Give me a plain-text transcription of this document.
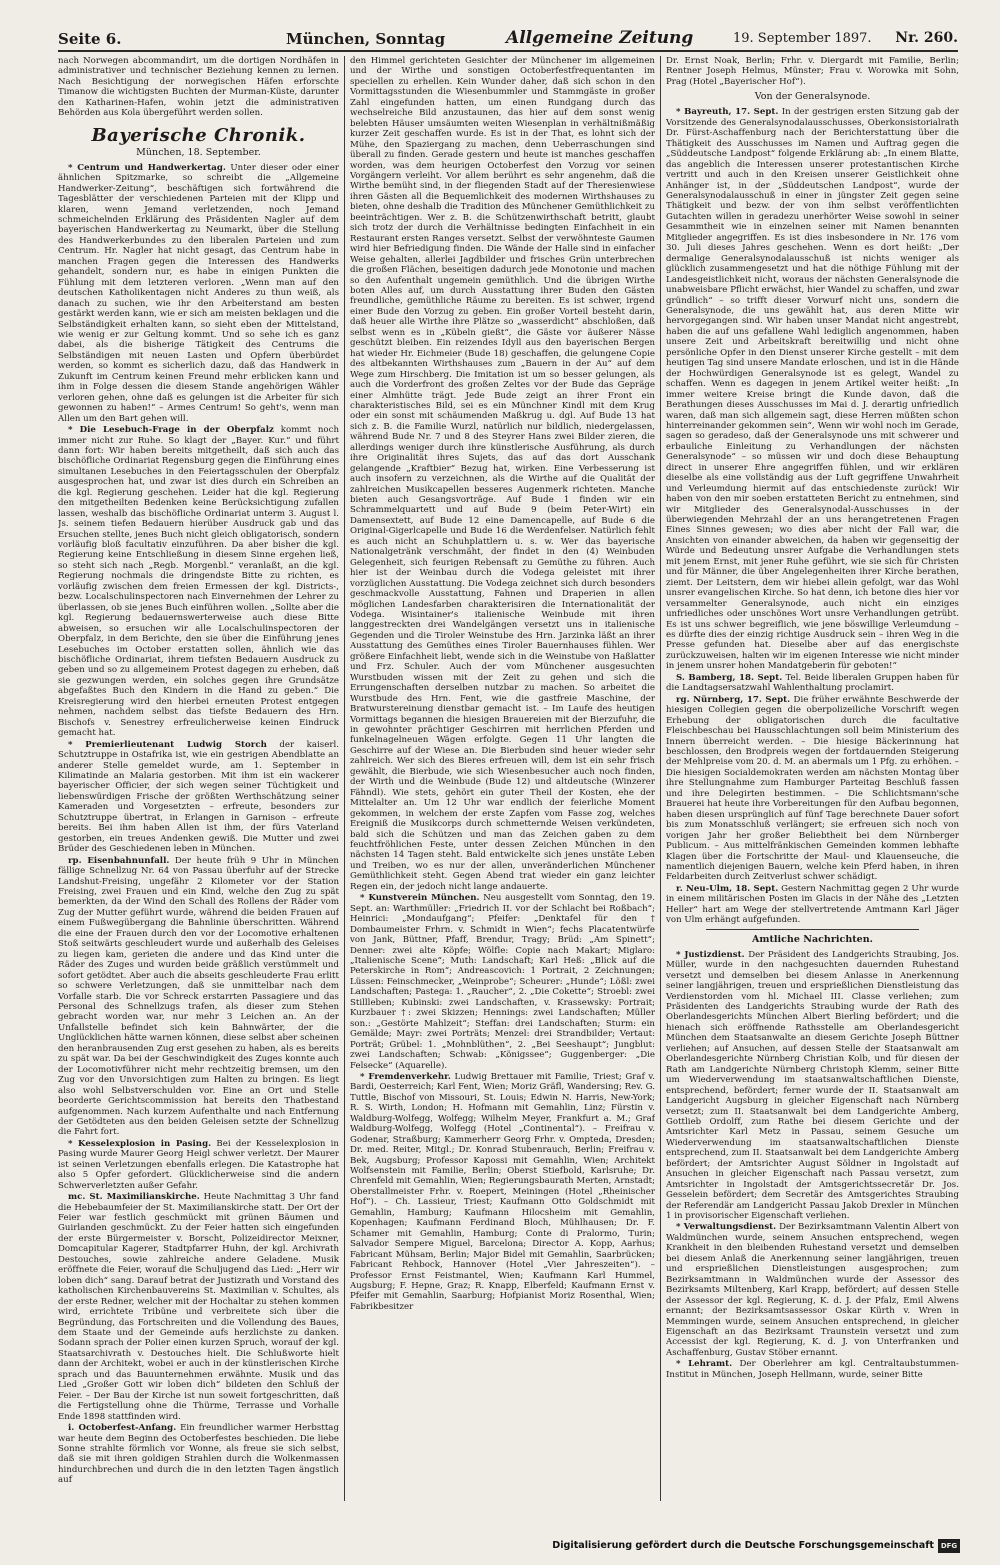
Seite 6.	München, Sonntag	Allgemeine Zeitung	19. September 1897. Nr. 260.

nach Norwegen abcommandirt, um die dortigen Nordhäfen in administrativer und technischer Beziehung kennen zu lernen. Nach Besichtigung der norwegischen Häfen erforschte Timanow die wichtigsten Buchten der Murman-Küste, darunter den Katharinen-Hafen, wohin jetzt die administrativen Behörden aus Kola übergeführt werden sollen.

Bayerische Chronik.
München, 18. September.

* Centrum und Handwerkertag. Unter dieser oder einer ähnlichen Spitzmarke, so schreibt die „Allgemeine Handwerker-Zeitung“, beschäftigen sich fortwährend die Tagesblätter der verschiedenen Parteien mit der Klipp und klaren, wenn Jemand verletzenden, noch Jemand schmeichelnden Erklärung des Präsidenten Nagler auf dem bayerischen Handwerkertag zu Neumarkt, über die Stellung des Handwerkerbundes zu den liberalen Parteien und zum Centrum. Hr. Nagler hat nicht gesagt, das Centrum habe in manchen Fragen gegen die Interessen des Handwerks gehandelt, sondern nur, es habe in einigen Punkten die Fühlung mit dem letzteren verloren. „Wenn man auf den deutschen Katholikentagen nicht Anderes zu thun weiß, als danach zu suchen, wie ihr den Arbeiterstand am besten gestärkt werden kann, wie er sich am meisten beklagen und die Selbständigkeit erhalten kann, so sieht eben der Mittelstand, wie wenig er zur Geltung kommt. Und so sehe ich es ganz dabei, als die bisherige Tätigkeit des Centrums die Selbständigen mit neuen Lasten und Opfern überbürdet werden, so kommt es sicherlich dazu, daß das Handwerk in Zukunft im Centrum keinen Freund mehr erblicken kann und ihm in Folge dessen die diesem Stande angehörigen Wähler verloren gehen, ohne daß es gelungen ist die Arbeiter für sich gewonnen zu haben!“ – Armes Centrum! So geht's, wenn man Allen um den Bart gehen will.

* Die Lesebuch-Frage in der Oberpfalz kommt noch immer nicht zur Ruhe. So klagt der „Bayer. Kur.“ und führt dann fort: Wir haben bereits mitgetheilt, daß sich auch das bischöfliche Ordinariat Regensburg gegen die Einführung eines simultanen Lesebuches in den Feiertagsschulen der Oberpfalz ausgesprochen hat, und zwar ist dies durch ein Schreiben an die kgl. Regierung geschehen. Leider hat die kgl. Regierung den mitgetheilten Bedenken keine Berücksichtigung zufallen lassen, weshalb das bischöfliche Ordinariat unterm 3. August l. Js. seinem tiefen Bedauern hierüber Ausdruck gab und das Ersuchen stellte, jenes Buch nicht gleich obligatorisch, sondern vorläufig bloß facultativ einzuführen. Da aber bisher die kgl. Regierung keine Entschließung in diesem Sinne ergehen ließ, so steht sich nach „Regb. Morgenbl.“ veranlaßt, an die kgl. Regierung nochmals die dringendste Bitte zu richten, es vorläufig zwischen dem freien Ermessen der kgl. Districts-, bezw. Localschulinspectoren nach Einvernehmen der Lehrer zu überlassen, ob sie jenes Buch einführen wollen. „Sollte aber die kgl. Regierung bedauernswerterweise auch diese Bitte abweisen, so ersuchen wir alle Localschulinspectoren der Oberpfalz, in dem Berichte, den sie über die Einführung jenes Lesebuches im October erstatten sollen, ähnlich wie das bischöfliche Ordinariat, ihrem tiefsten Bedauern Ausdruck zu geben und so zu allgemeinem Protest dagegen zu erheben, daß sie gezwungen werden, ein solches gegen ihre Grundsätze abgefaßtes Buch den Kindern in die Hand zu geben.“ Die Kreisregierung wird den hierbei erneuten Protest entgegen nehmen, nachdem selbst das tiefste Bedauern des Hrn. Bischofs v. Senestrey erfreulicherweise keinen Eindruck gemacht hat.

* Premierlieutenant Ludwig Storch der kaiserl. Schutztruppe in Ostafrika ist, wie ein gestrigen Abendblatte an anderer Stelle gemeldet wurde, am 1. September in Kilimatinde an Malaria gestorben. Mit ihm ist ein wackerer bayerischer Officier, der sich wegen seiner Tüchtigkeit und liebenswürdigen Frische der größten Werthschätzung seiner Kameraden und Vorgesetzten – erfreute, besonders zur Schutztruppe übertrat, in Erlangen in Garnison – erfreute bereits. Bei ihm haben Allen ist ihm, der fürs Vaterland gestorben, ein treues Andenken gewiß. Die Mutter und zwei Brüder des Geschiedenen leben in München.

rp. Eisenbahnunfall. Der heute früh 9 Uhr in München fällige Schnellzug Nr. 64 von Passau überfuhr auf der Strecke Landshut-Freising, ungefähr 2 Kilometer vor der Station Freising, zwei Frauen und ein Kind, welche den Zug zu spät bemerkten, da der Wind den Schall des Rollens der Räder vom Zug der Mutter geführt wurde, während die beiden Frauen auf einem Fußwegübergang die Bahnlinie überschritten. Während die eine der Frauen durch den vor der Locomotive erhaltenen Stoß seitwärts geschleudert wurde und außerhalb des Geleises zu liegen kam, gerieten die andere und das Kind unter die Räder des Zuges und wurden beide gräßlich verstümmelt und sofort getödtet. Aber auch die abseits geschleuderte Frau erlitt so schwere Verletzungen, daß sie unmittelbar nach dem Vorfalle starb. Die vor Schreck erstarrten Passagiere und das Personal des Schnellzugs trafen, als dieser zum Stehen gebracht worden war, nur mehr 3 Leichen an. An der Unfallstelle befindet sich kein Bahnwärter, der die Unglücklichen hätte warnen können, diese selbst aber scheinen den heranbrausenden Zug erst gesehen zu haben, als es bereits zu spät war. Da bei der Geschwindigkeit des Zuges konnte auch der Locomotivführer nicht mehr rechtzeitig bremsen, um den Zug vor den Unvorsichtigen zum Halten zu bringen. Es liegt also wohl Selbstverschulden vor. Eine an Ort und Stelle beorderte Gerichtscommission hat bereits den Thatbestand aufgenommen. Nach kurzem Aufenthalte und nach Entfernung der Getödteten aus den beiden Geleisen setzte der Schnellzug die Fahrt fort.

* Kesselexplosion in Pasing. Bei der Kesselexplosion in Pasing wurde Maurer Georg Heigl schwer verletzt. Der Maurer ist seinen Verletzungen ebenfalls erlegen. Die Katastrophe hat also 5 Opfer gefordert. Glücklicherweise sind die andern Schwerverletzten außer Gefahr.

mc. St. Maximilianskirche. Heute Nachmittag 3 Uhr fand die Hebebaumfeier der St. Maximilianskirche statt. Der Ort der Feier war festlich geschmückt mit grünen Bäumen und Guirlanden geschmückt. Zu der Feier hatten sich eingefunden der erste Bürgermeister v. Borscht, Polizeidirector Meixner, Domcapitular Kagerer, Stadtpfarrer Huhn, der kgl. Archivrath Destouches, sowie zahlreiche andere Geladene. Musik eröffnete die Feier, worauf die Schuljugend das Lied: „Herr wir loben dich“ sang. Darauf betrat der Justizrath und Vorstand des katholischen Kirchenbauvereins St. Maximilian v. Schultes, als der erste Redner, welcher mit der Hochaltar zu stehen kommen wird, errichtete Tribüne und verbreitete sich über die Begründung, das Fortschreiten und die Vollendung des Baues, dem Staate und der Gemeinde aufs herzlichste zu danken. Sodann sprach der Polier einen kurzen Spruch, worauf der kgl. Staatsarchivrath v. Destouches hielt. Die Schlußworte hielt dann der Architekt, wobei er auch in der künstlerischen Kirche sprach und das Bauunternehmen erwähnte. Musik und das Lied „Großer Gott wir loben dich“ bildeten den Schluß der Feier. – Der Bau der Kirche ist nun soweit fortgeschritten, daß die Fertigstellung ohne die Thürme, Terrasse und Vorhalle Ende 1898 stattfinden wird.

i. Octoberfest-Anfang. Ein freundlicher warmer Herbsttag war heute dem Beginn des Octoberfestes beschieden. Die liebe Sonne strahlte förmlich vor Wonne, als freue sie sich selbst, daß sie mit ihren goldigen Strahlen durch die Wolkenmassen hindurchbrechen und durch die in den letzten Tagen ängstlich auf

den Himmel gerichteten Gesichter der Münchener im allgemeinen und der Wirthe und sonstigen Octoberfestfrequentanten im speciellen zu erhellen. Kein Wunder daher, daß sich schon in den Vormittagsstunden die Wiesenbummler und Stammgäste in großer Zahl eingefunden hatten, um einen Rundgang durch das wechselreiche Bild anzustaunen, das hier auf dem sonst wenig belebten Häuser umsäumten weiten Wiesenplan in verhältnißmäßig kurzer Zeit geschaffen wurde. Es ist in der That, es lohnt sich der Mühe, den Spaziergang zu machen, denn Ueberraschungen sind überall zu finden. Gerade gestern und heute ist manches geschaffen worden, was dem heurigen Octoberfest den Vorzug vor seinen Vorgängern verleiht. Vor allem berührt es sehr angenehm, daß die Wirthe bemüht sind, in der fliegenden Stadt auf der Theresienwiese ihren Gästen all die Bequemlichkeit des modernen Wirthshauses zu bieten, ohne deshalb die Tradition des Münchener Gemüthlichkeit zu beeinträchtigen. Wer z. B. die Schützenwirthschaft betritt, glaubt sich trotz der durch die Verhältnisse bedingten Einfachheit in ein Restaurant ersten Ranges versetzt. Selbst der verwöhnteste Gaumen wird hier Befriedigung finden. Die Wände der Halle sind in einfacher Weise gehalten, allerlei Jagdbilder und frisches Grün unterbrechen die großen Flächen, beseitigen dadurch jede Monotonie und machen so den Aufenthalt ungemein gemüthlich. Und die übrigen Wirthe boten Alles auf, um durch Ausstattung ihrer Buden den Gästen freundliche, gemüthliche Räume zu bereiten. Es ist schwer, irgend einer Bude den Vorzug zu geben. Ein großer Vorteil besteht darin, daß heuer alle Wirthe ihre Plätze so „wasserdicht“ abschloßen, daß selbst wenn es in „Kübeln gießt“, die Gäste vor äußerer Nässe geschützt bleiben. Ein reizendes Idyll aus den bayerischen Bergen hat wieder Hr. Eichmeier (Bude 18) geschaffen, die gelungene Copie des altbekannten Wirthshauses zum „Bauern in der Au“ auf dem Wege zum Hirschberg. Die Imitation ist um so besser gelungen, als auch die Vorderfront des großen Zeltes vor der Bude das Gepräge einer Almhütte trägt. Jede Bude zeigt an ihrer Front ein charakteristisches Bild, sei es ein Münchner Kindl mit dem Krug oder ein sonst mit schäumenden Maßkrug u. dgl. Auf Bude 13 hat sich z. B. die Familie Wurzl, natürlich nur bildlich, niedergelassen, während Bude Nr. 7 und 8 des Steyrer Hans zwei Bilder zieren, die allerdings weniger durch ihre künstlerische Ausführung, als durch ihre Originalität ihres Sujets, das auf das dort Ausschank gelangende „Kraftbier“ Bezug hat, wirken. Eine Verbesserung ist auch insofern zu verzeichnen, als die Wirthe auf die Qualität der zahlreichen Musikcapellen besseres Augenmerk richteten. Manche bieten auch Gesangsvorträge. Auf Bude 1 finden wir ein Schrammelquartett und auf Bude 9 (beim Peter-Wirt) ein Damensextett, auf Bude 12 eine Damencapelle, auf Bude 6 die Original-Gigerlcapelle und Bude 16 die Werdenfelser. Natürlich fehlt es auch nicht an Schuhplattlern u. s. w. Wer das bayerische Nationalgetränk verschmäht, der findet in den (4) Weinbuden Gelegenheit, sich feurigen Rebensaft zu Gemüthe zu führen. Auch hier ist der Weinbau durch die Vodega geleistet mit ihrer vorzüglichen Ausstattung. Die Vodega zeichnet sich durch besonders geschmackvolle Ausstattung, Fahnen und Draperien in allen möglichen Landesfarben charakterisiren die Internationalität der Vodega. Wisintainer's italienische Weinbude mit ihren langgestreckten drei Wandelgängen versetzt uns in italienische Gegenden und die Tiroler Weinstube des Hrn. Jarzinka läßt an ihrer Ausstattung des Gemüthes eines Tiroler Bauernhauses fühlen. Wer größere Einfachheit liebt, wende sich in die Weinstube von Haßlatter und Frz. Schuler. Auch der vom Münchener ausgesuchten Wurstbuden wissen mit der Zeit zu gehen und sich die Errungenschaften derselben nutzbar zu machen. So arbeitet die Wurstbude des Hrn. Fent, wie die gastfreie Maschine, der Bratwurstereinung dienstbar gemacht ist. – Im Laufe des heutigen Vormittags begannen die hiesigen Brauereien mit der Bierzufuhr, die in gewohnter prächtiger Geschirren mit herrlichen Pferden und funkelnagelneuen Wägen erfolgte. Gegen 11 Uhr langten die Geschirre auf der Wiese an. Die Bierbuden sind heuer wieder sehr zahlreich. Wer sich des Bieres erfreuen will, dem ist ein sehr frisch gewählt, die Bierbude, wie sich Wiesenbesucher auch noch finden, der Wirth und die Weinbude (Bude 12) und altdeutsche (Winzerer Fähndl). Wie stets, gehört ein guter Theil der Kosten, ehe der Mittelalter an. Um 12 Uhr war endlich der feierliche Moment gekommen, in welchem der erste Zapfen vom Fasse zog, welches Ereigniß die Musikcorps durch schmetternde Weisen verkündeten, bald sich die Schützen und man das Zeichen gaben zu dem feuchtfröhlichen Feste, unter dessen Zeichen München in den nächsten 14 Tagen steht. Bald entwickelte sich jenes unstäte Leben und Treiben, wo es nur der allen, unveränderlichen Münchener Gemüthlichkeit steht. Gegen Abend trat wieder ein ganz leichter Regen ein, der jedoch nicht lange andauerte.

* Kunstverein München. Neu ausgestellt vom Sonntag, den 19. Sept. an: Warthmüller: „Friedrich II. vor der Schlacht bei Roßbach“; Heinrici: „Mondaufgang“; Pfeifer: „Denktafel für den † Dombaumeister Frhrn. v. Schmidt in Wien“; fechs Placatentwürfe von Jank, Büttner, Pfaff, Brendur, Tragy; Brüd: „Am Spinett“; Denner: zwei alte Köpfe; Wölfle: Copie nach Makart; Miglaro: „Italienische Scene“; Muth: Landschaft; Karl Heß: „Blick auf die Peterskirche in Rom“; Andreascovich: 1 Portrait, 2 Zeichnungen; Lüssen: Feinschmecker, „Weinprobe“; Scheurer: „Hunde“; Lößl: zwei Landschaften; Pastega: 1. „Raucher“, 2. „Die Cokette“; Stroebl: zwei Stillleben; Kubinski: zwei Landschaften, v. Krassewsky: Portrait; Kurzbauer †: zwei Skizzen; Hennings: zwei Landschaften; Müller son.: „Gestörte Mahlzeit“; Steffan: drei Landschaften; Sturm: ein Gemälde; Mayr: zwei Porträts; Menzel: drei Strandbilder; Vertaut: Porträt; Grübel: 1. „Mohnblüthen“, 2. „Bei Seeshaupt“; Jungblut: zwei Landschaften; Schwab: „Königssee“; Guggenberger: „Die Felsecke“ (Aquarelle).

* Fremdenverkehr. Ludwig Brettauer mit Familie, Triest; Graf v. Bardi, Oesterreich; Karl Fent, Wien; Moriz Gräfl, Wandersing; Rev. G. Tuttle, Bischof von Missouri, St. Louis; Edwin N. Harris, New-York; R. S. Wirth, London; H. Hofmann mit Gemahlin, Linz; Fürstin v. Waldburg-Wolfegg, Wolfegg; Wilhelm Meyer, Frankfurt a. M.; Graf Waldburg-Wolfegg, Wolfegg (Hotel „Continental“). – Freifrau v. Godenar, Straßburg; Kammerherr Georg Frhr. v. Ompteda, Dresden; Dr. med. Reiter, Mitgl.; Dr. Konrad Stubenrauch, Berlin; Freifrau v. Bek, Augsburg; Professor Kapossi mit Gemahlin, Wien; Architekt Wolfsenstein mit Familie, Berlin; Oberst Stiefbold, Karlsruhe; Dr. Chrenfeld mit Gemahlin, Wien; Regierungsbaurath Merten, Arnstadt; Oberstallmeister Frhr. v. Roepert, Meiningen (Hotel „Rheinischer Hof“). – Ch. Lassieur, Triest; Kaufmann Otto Goldschmidt mit Gemahlin, Hamburg; Kaufmann Hilocsheim mit Gemahlin, Kopenhagen; Kaufmann Ferdinand Bloch, Mühlhausen; Dr. F. Schamer mit Gemahlin, Hamburg; Conte di Pralormo, Turin; Salvador Sempere Miguel, Barcelona; Director A. Kopp, Aarhus; Fabricant Mühsam, Berlin; Major Bidel mit Gemahlin, Saarbrücken; Fabricant Rehbock, Hannover (Hotel „Vier Jahreszeiten“). – Professor Ernst Feistmantel, Wien; Kaufmann Karl Hummel, Augsburg; F. Hepne, Graz; R. Knapp, Elberfeld; Kaufmann Ernst v. Pfeifer mit Gemahlin, Saarburg; Hofpianist Moriz Rosenthal, Wien; Fabrikbesitzer

Dr. Ernst Noak, Berlin; Frhr. v. Diergardt mit Familie, Berlin; Rentner Joseph Helmus, Münster; Frau v. Worowka mit Sohn, Prag (Hotel „Bayerischer Hof“).

Von der Generalsynode.

* Bayreuth, 17. Sept. In der gestrigen ersten Sitzung gab der Vorsitzende des Generalsynodalausschusses, Oberkonsistorialrath Dr. Fürst-Aschaffenburg nach der Berichterstattung über die Thätigkeit des Ausschusses im Namen und Auftrag gegen die „Süddeutsche Landpost“ folgende Erklärung ab: „In einem Blatte, das angeblich die Interessen unserer protestantischen Kirche vertritt und auch in den Kreisen unserer Geistlichkeit ohne Anhänger ist, in der „Süddeutschen Landpost“, wurde der Generalsynodalausschuß in einer in jüngster Zeit gegen seine Thätigkeit und bezw. der von ihm selbst veröffentlichten Gutachten willen in geradezu unerhörter Weise sowohl in seiner Gesammtheit wie in einzelnen seiner mit Namen benannten Mitglieder angegriffen. Es ist dies insbesondere in Nr. 176 vom 30. Juli dieses Jahres geschehen. Wenn es dort heißt: „Der dermalige Generalsynodalausschuß ist nichts weniger als glücklich zusammengesetzt und hat die nöthige Fühlung mit der Landesgeistlichkeit nicht, woraus der nächsten Generalsynode die unabweisbare Pflicht erwächst, hier Wandel zu schaffen, und zwar gründlich“ – so trifft dieser Vorwurf nicht uns, sondern die Generalsynode, die uns gewählt hat, aus deren Mitte wir hervorgegangen sind. Wir haben unser Mandat nicht angestrebt, haben die auf uns gefallene Wahl lediglich angenommen, haben unsere Zeit und Arbeitskraft bereitwillig und nicht ohne persönliche Opfer in den Dienst unserer Kirche gestellt – mit dem heutigen Tag sind unsere Mandate erloschen, und ist in die Hände der Hochwürdigen Generalsynode ist es gelegt, Wandel zu schaffen. Wenn es dagegen in jenem Artikel weiter heißt: „In immer weitere Kreise bringt die Kunde davon, daß die Berathungen dieses Ausschusses im Mai d. J. derartig unfriedlich waren, daß man sich allgemein sagt, diese Herren müßten schon hinterreinander gekommen sein“, Wenn wir wohl noch im Gerade, sagen so geradeso, daß der Generalsynode uns mit schwerer und erbauliche Einleitung zu Verhandlungen der nächsten Generalsynode“ – so müssen wir und doch diese Behauptung direct in unserer Ehre angegriffen fühlen, und wir erklären dieselbe als eine vollständig aus der Luft gegriffene Unwahrheit und Verleumdung hiermit auf das entschiedenste zurück! Wir haben von den mir soeben erstatteten Bericht zu entnehmen, sind wir Mitglieder des Generalsynodal-Ausschusses in der überwiegenden Mehrzahl der an uns herangetretenen Fragen Eines Sinnes gewesen; wo dies aber nicht der Fall war, die Ansichten von einander abweichen, da haben wir gegenseitig der Würde und Bedeutung unsrer Aufgabe die Verhandlungen stets mit jenem Ernst, mit jener Ruhe geführt, wie sie sich für Christen und für Männer, die über Angelegenheiten ihrer Kirche berathen, ziemt. Der Leitstern, dem wir hiebei allein gefolgt, war das Wohl unsrer evangelischen Kirche. So hat denn, ich betone dies hier vor versammelter Generalsynode, auch nicht ein einziges unfriedliches oder unschönes Wort unsre Verhandlungen getrübt. Es ist uns schwer begreiflich, wie jene böswillige Verleumdung – es dürfte dies der einzig richtige Ausdruck sein – ihren Weg in die Presse gefunden hat. Dieselbe aber auf das energischste zurückzuweisen, halten wir im eigenen Interesse wie nicht minder in jenem unsrer hohen Mandatgeberin für geboten!“

S. Bamberg, 18. Sept. Tel. Beide liberalen Gruppen haben für die Landtagsersatzwahl Wahlenthaltung proclamirt.

rg. Nürnberg, 17. Sept. Die früher erwähnte Beschwerde der hiesigen Collegien gegen die oberpolizeiliche Vorschrift wegen Erhebung der obligatorischen durch die facultative Fleischbeschau bei Hausschlachtungen soll beim Ministerium des Innern überreicht werden. – Die hiesige Bäckerinnung hat beschlossen, den Brodpreis wegen der fortdauernden Steigerung der Mehlpreise vom 20. d. M. an abermals um 1 Pfg. zu erhöhen. – Die hiesigen Socialdemokraten werden am nächsten Montag über ihre Stellungnahme zum Hamburger Parteitag Beschluß fassen und ihre Delegirten bestimmen. – Die Schlichtsmann'sche Brauerei hat heute ihre Vorbereitungen für den Aufbau begonnen, haben diesen ursprünglich auf fünf Tage berechnete Dauer sofort bis zum Monatsschluß verlängert; sie erfreuen sich noch von vorigen Jahr her großer Beliebtheit bei dem Nürnberger Publicum. – Aus mittelfränkischen Gemeinden kommen lebhafte Klagen über die Fortschritte der Maul- und Klauenseuche, die namentlich diejenigen Bauern, welche kein Pferd haben, in ihren Feldarbeiten durch Zeitverlust schwer schädigt.

r. Neu-Ulm, 18. Sept. Gestern Nachmittag gegen 2 Uhr wurde in einem militärischen Posten im Glacis in der Nähe des „Letzten Heller“ hart am Wege der stellvertretende Amtmann Karl Jäger von Ulm erhängt aufgefunden.

Amtliche Nachrichten.

* Justizdienst. Der Präsident des Landgerichts Straubing, Jos. Müller, wurde in den nachgesuchten dauernden Ruhestand versetzt und demselben bei diesem Anlasse in Anerkennung seiner langjährigen, treuen und ersprießlichen Dienstleistung das Verdienstorden vom hl. Michael III. Classe verliehen; zum Präsidenten des Landgerichts Straubing wurde der Rath des Oberlandesgerichts München Albert Bierling befördert; und die hienach sich eröffnende Rathsstelle am Oberlandesgericht München dem Staatsanwalte an diesem Gerichte Joseph Büttner verliehen; auf Ansuchen, auf dessen Stelle der Staatsanwalt am Oberlandesgerichte Nürnberg Christian Kolb, und für diesen der Rath am Landgerichte Nürnberg Christoph Klemm, seiner Bitte um Wiederverwendung im staatsanwaltschaftlichen Dienste, entsprechend, befördert; ferner wurde der II. Staatsanwalt am Landgericht Augsburg in gleicher Eigenschaft nach Nürnberg versetzt; zum II. Staatsanwalt bei dem Landgerichte Amberg, Gottlieb Ordolff, zum Rathe bei diesem Gerichte und der Amtsrichter Karl Metz in Passau, seinem Gesuche um Wiederverwendung im staatsanwaltschaftlichen Dienste entsprechend, zum II. Staatsanwalt bei dem Landgerichte Amberg befördert; der Amtsrichter August Söldner in Ingolstadt auf Ansuchen in gleicher Eigenschaft nach Passau versetzt, zum Amtsrichter in Ingolstadt der Amtsgerichtssecretär Dr. Jos. Gesselein befördert; dem Secretär des Amtsgerichtes Straubing der Referendär am Landgericht Passau Jakob Drexler in München 1 in provisorischer Eigenschaft verliehen.

* Verwaltungsdienst. Der Bezirksamtmann Valentin Albert von Waldmünchen wurde, seinem Ansuchen entsprechend, wegen Krankheit in den bleibenden Ruhestand versetzt und demselben bei diesem Anlaß die Anerkennung seiner langjährigen, treuen und ersprießlichen Dienstleistungen ausgesprochen; zum Bezirksamtmann in Waldmünchen wurde der Assessor des Bezirksamts Miltenberg, Karl Krapp, befördert; auf dessen Stelle der Assessor der kgl. Regierung, K. d. J. der Pfalz, Emil Alwens ernannt; der Bezirksamtsassessor Oskar Kürth v. Wren in Memmingen wurde, seinem Ansuchen entsprechend, in gleicher Eigenschaft an das Bezirksamt Traunstein versetzt und zum Accessist der kgl. Regierung, K. d. J. von Unterfranken und Aschaffenburg, Gustav Stöber ernannt.

* Lehramt. Der Oberlehrer am kgl. Centraltaubstummen-Institut in München, Joseph Hellmann, wurde, seiner Bitte

Digitalisierung gefördert durch die Deutsche Forschungsgemeinschaft DFG
